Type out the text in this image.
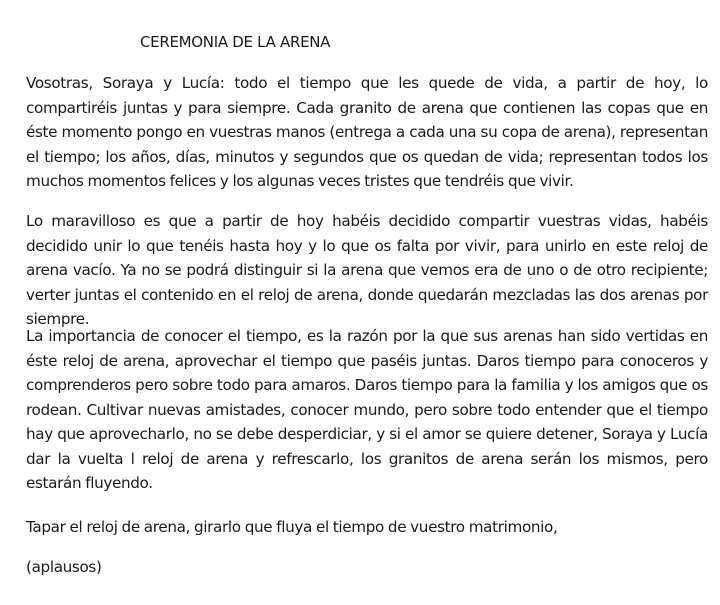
CEREMONIA DE LA ARENA

Vosotras, Soraya y Lucía: todo el tiempo que les quede de vida, a partir de hoy, lo compartiréis juntas y para siempre. Cada granito de arena que contienen las copas que en éste momento pongo en vuestras manos (entrega a cada una su copa de arena), representan el tiempo; los años, días, minutos y segundos que os quedan de vida; representan todos los muchos momentos felices y los algunas veces tristes que tendréis que vivir.

Lo maravilloso es que a partir de hoy habéis decidido compartir vuestras vidas, habéis decidido unir lo que tenéis hasta hoy y lo que os falta por vivir, para unirlo en este reloj de arena vacío. Ya no se podrá distinguir si la arena que vemos era de uno o de otro recipiente; verter juntas el contenido en el reloj de arena, donde quedarán mezcladas las dos arenas por siempre.

La importancia de conocer el tiempo, es la razón por la que sus arenas han sido vertidas en éste reloj de arena, aprovechar el tiempo que paséis juntas. Daros tiempo para conoceros y comprenderos pero sobre todo para amaros. Daros tiempo para la familia y los amigos que os rodean. Cultivar nuevas amistades, conocer mundo, pero sobre todo entender que el tiempo hay que aprovecharlo, no se debe desperdiciar, y si el amor se quiere detener, Soraya y Lucía dar la vuelta l reloj de arena y refrescarlo, los granitos de arena serán los mismos, pero estarán fluyendo.

Tapar el reloj de arena, girarlo que fluya el tiempo de vuestro matrimonio,

(aplausos)
